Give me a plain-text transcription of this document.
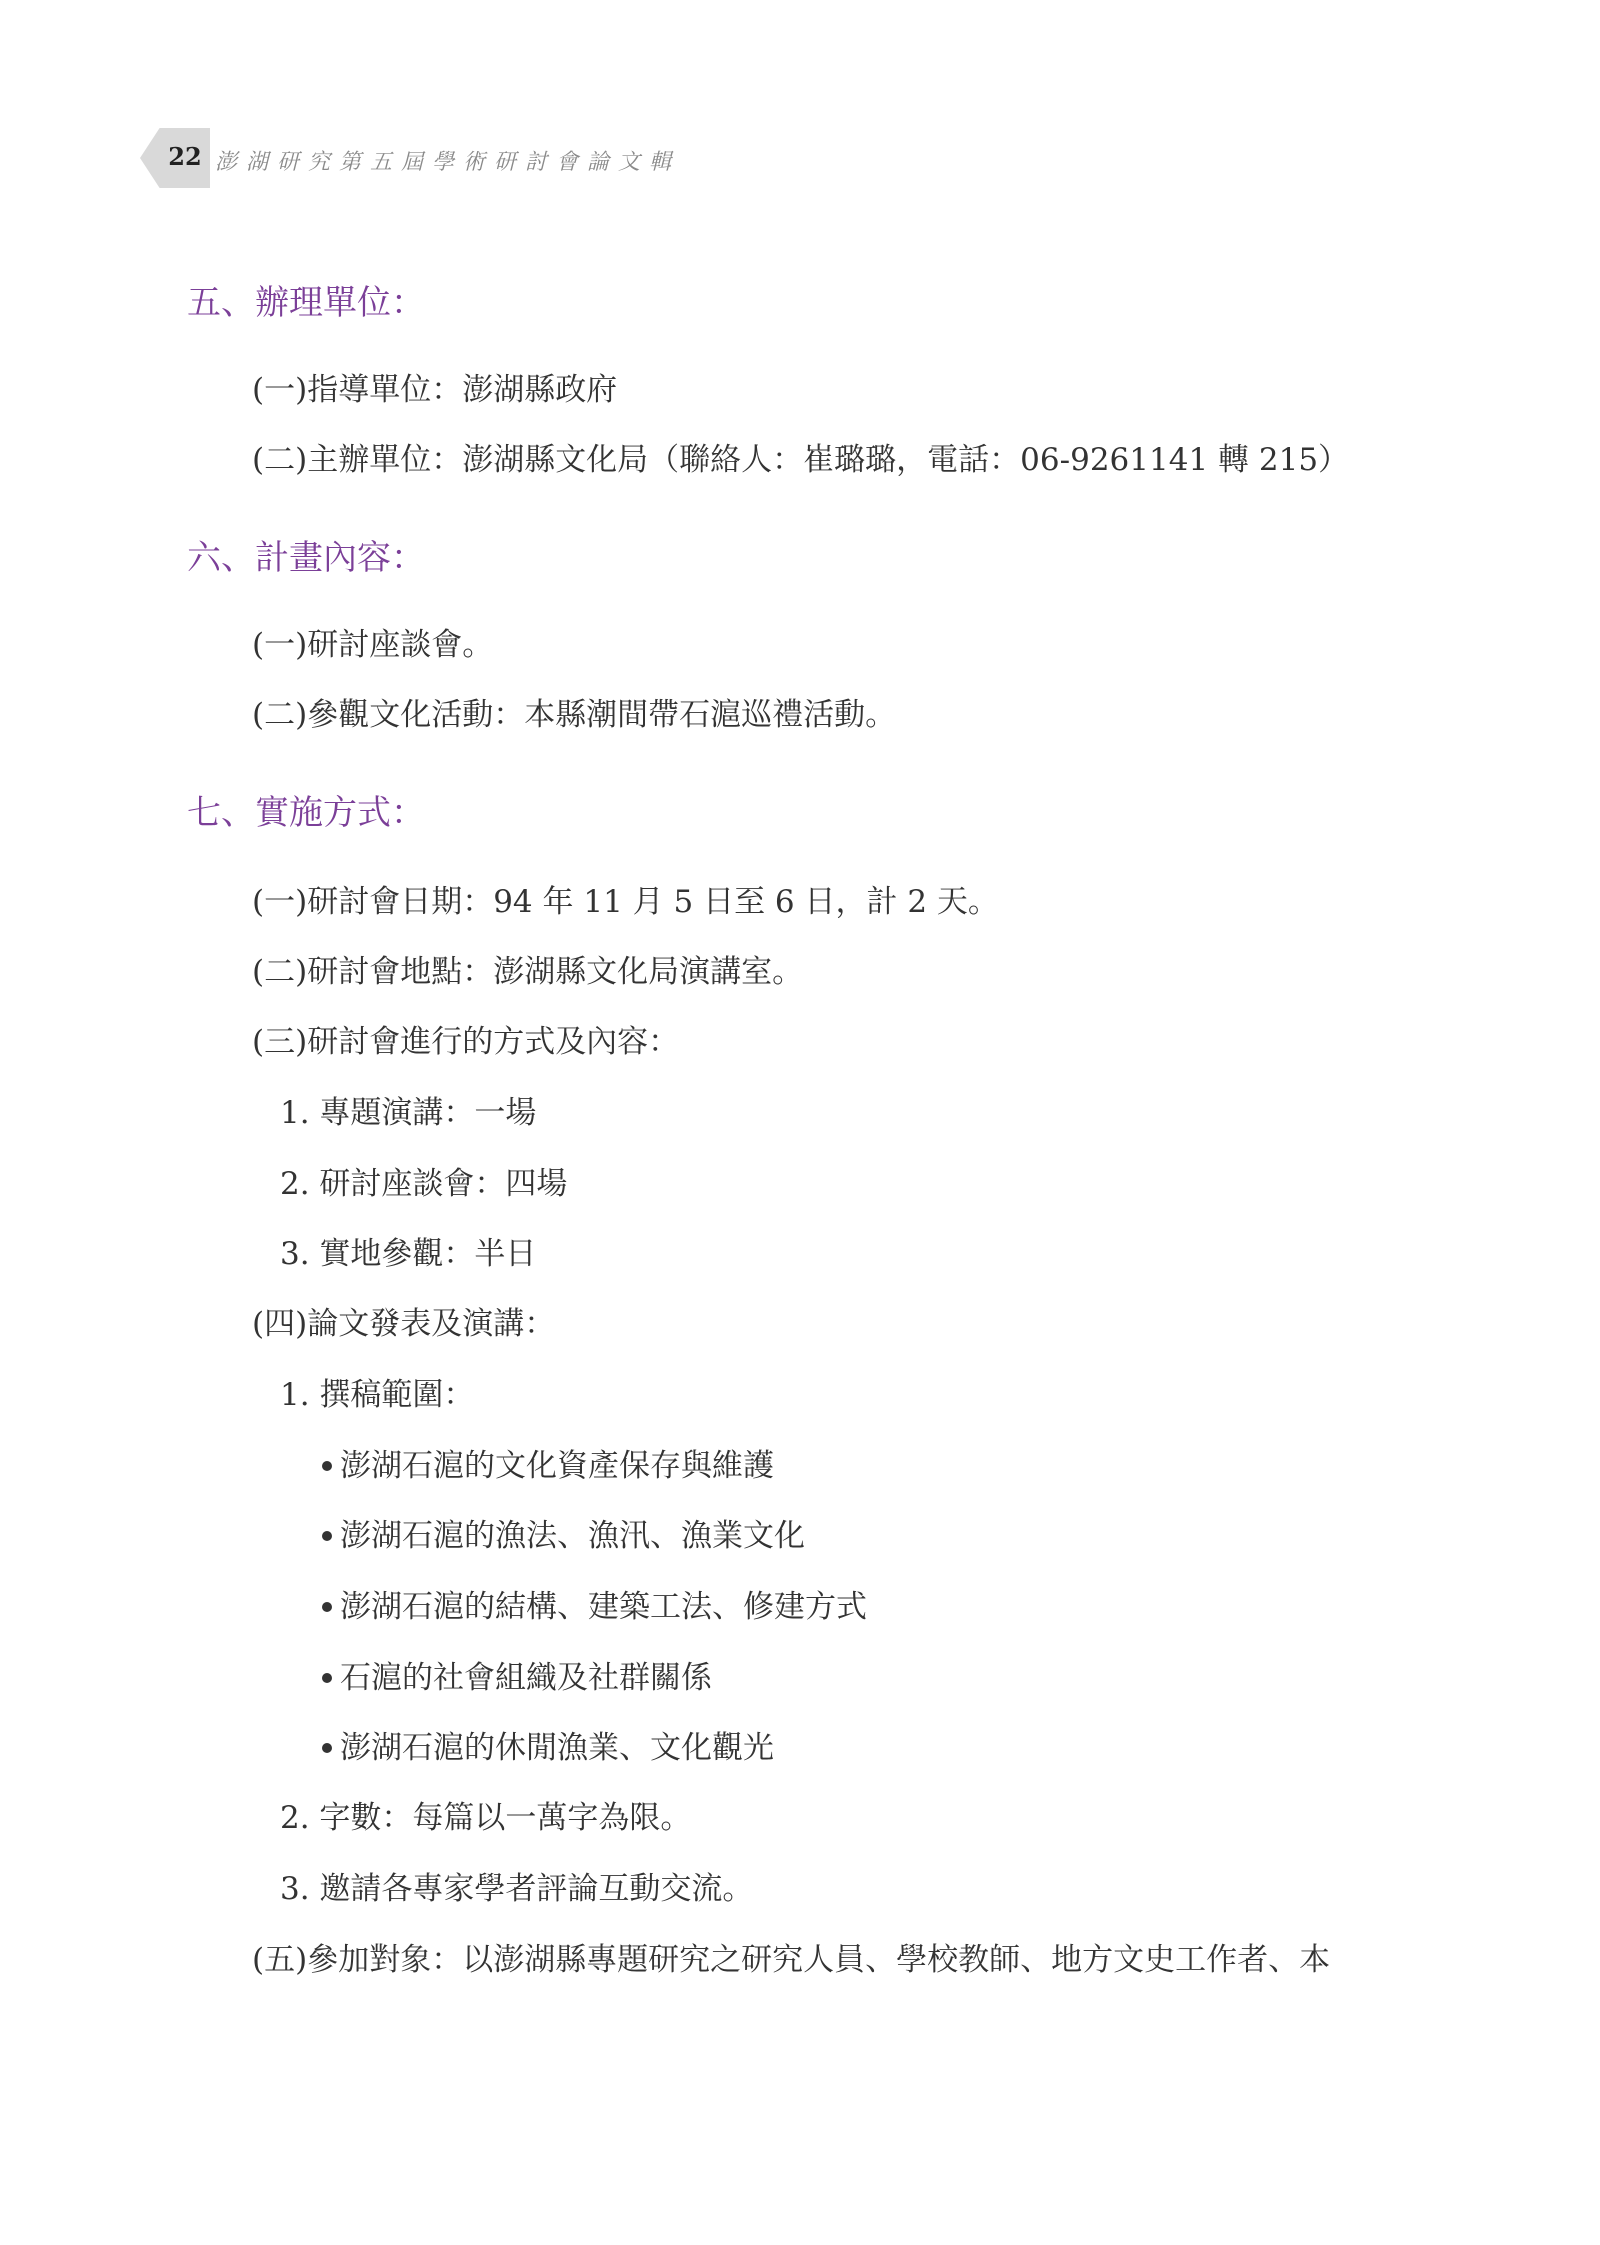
22 澎湖研究第五屆學術研討會論文輯
五、辦理單位：
(一)指導單位：澎湖縣政府
(二)主辦單位：澎湖縣文化局（聯絡人：崔璐璐，電話：06-9261141 轉 215）
六、計畫內容：
(一)研討座談會。
(二)參觀文化活動：本縣潮間帶石滬巡禮活動。
七、實施方式：
(一)研討會日期：94 年 11 月 5 日至 6 日，計 2 天。
(二)研討會地點：澎湖縣文化局演講室。
(三)研討會進行的方式及內容：
1. 專題演講：一場
2. 研討座談會：四場
3. 實地參觀：半日
(四)論文發表及演講：
1. 撰稿範圍：
澎湖石滬的文化資產保存與維護
澎湖石滬的漁法、漁汛、漁業文化
澎湖石滬的結構、建築工法、修建方式
石滬的社會組織及社群關係
澎湖石滬的休閒漁業、文化觀光
2. 字數：每篇以一萬字為限。
3. 邀請各專家學者評論互動交流。
(五)參加對象：以澎湖縣專題研究之研究人員、學校教師、地方文史工作者、本
